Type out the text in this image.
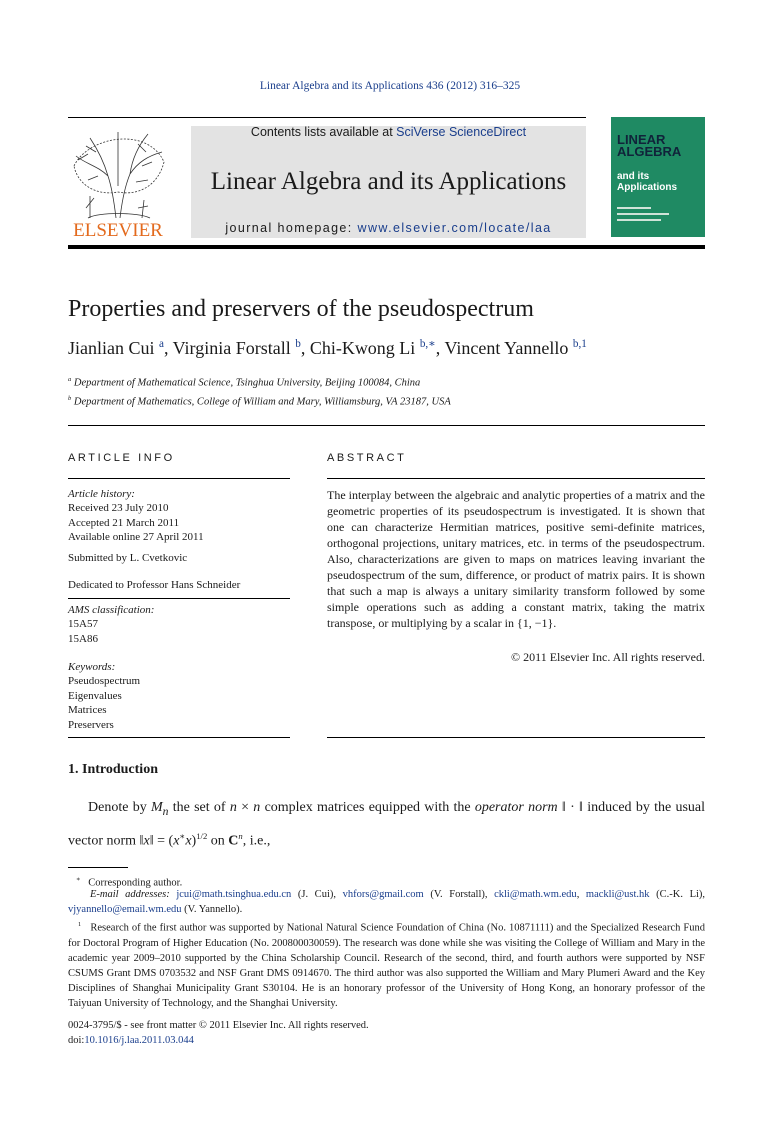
Linear Algebra and its Applications 436 (2012) 316–325
ELSEVIER
Contents lists available at SciVerse ScienceDirect
Linear Algebra and its Applications
journal homepage: www.elsevier.com/locate/laa
LINEAR
ALGEBRA
and its
Applications
Properties and preservers of the pseudospectrum
Jianlian Cui $^a$, Virginia Forstall $^b$, Chi-Kwong Li $^{b,∗}$, Vincent Yannello $^{b,1}$
$^a$ Department of Mathematical Science, Tsinghua University, Beijing 100084, China
$^b$ Department of Mathematics, College of William and Mary, Williamsburg, VA 23187, USA
ARTICLE INFO
Article history:
Received 23 July 2010
Accepted 21 March 2011
Available online 27 April 2011
Submitted by L. Cvetkovic
Dedicated to Professor Hans Schneider
AMS classification:
15A57
15A86
Keywords:
Pseudospectrum
Eigenvalues
Matrices
Preservers
ABSTRACT
The interplay between the algebraic and analytic properties of a matrix and the geometric properties of its pseudospectrum is investigated. It is shown that one can characterize Hermitian matrices, positive semi-definite matrices, orthogonal projections, unitary matrices, etc. in terms of the pseudospectrum. Also, characterizations are given to maps on matrices leaving invariant the pseudospectrum of the sum, difference, or product of matrix pairs. It is shown that such a map is always a unitary similarity transform followed by some simple operations such as adding a constant matrix, taking the matrix transpose, or multiplying by a scalar in {1, −1}.
© 2011 Elsevier Inc. All rights reserved.
1. Introduction
Denote by $M_n$ the set of n × n complex matrices equipped with the operator norm ‖ · ‖ induced by the usual vector norm ‖x‖ = $(x^∗x)^{1/2}$ on $C^n$, i.e.,
∗ Corresponding author.
E-mail addresses: jcui@math.tsinghua.edu.cn (J. Cui), vhfors@gmail.com (V. Forstall), ckli@math.wm.edu, mackli@ust.hk (C.-K. Li), vjyannello@email.wm.edu (V. Yannello).
$^1$ Research of the first author was supported by National Natural Science Foundation of China (No. 10871111) and the Specialized Research Fund for Doctoral Program of Higher Education (No. 200800030059). The research was done while she was visiting the College of William and Mary in the academic year 2009–2010 supported by the China Scholarship Council. Research of the second, third, and fourth authors were supported by NSF CSUMS Grant DMS 0703532 and NSF Grant DMS 0914670. The third author was also supported the William and Mary Plumeri Award and the Key Disciplines of Shanghai Municipality Grant S30104. He is an honorary professor of the University of Hong Kong, an honorary professor of the Taiyuan University of Technology, and the Shanghai University.
0024-3795/$ - see front matter © 2011 Elsevier Inc. All rights reserved.
doi:10.1016/j.laa.2011.03.044
